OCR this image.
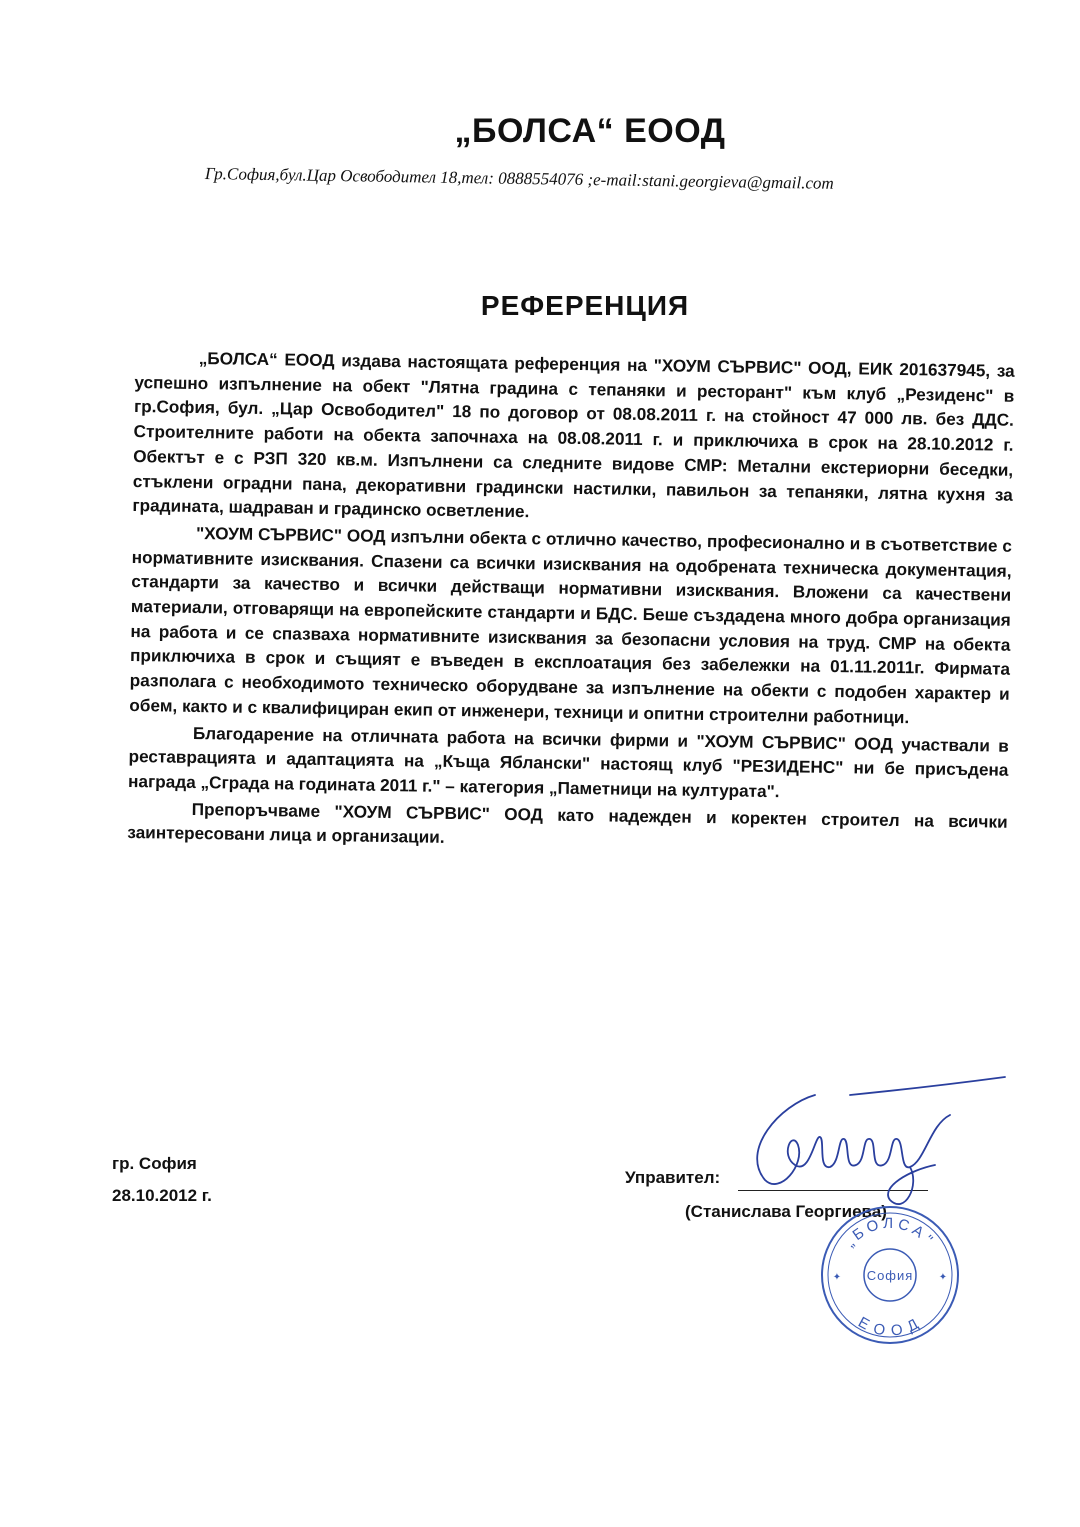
„БОЛСА“ ЕООД
Гр.София,бул.Цар Освободител 18,тел: 0888554076 ;e-mail:stani.georgieva@gmail.com
РЕФЕРЕНЦИЯ

„БОЛСА“ ЕООД издава настоящата референция на "ХОУМ СЪРВИС" ООД, ЕИК 201637945, за успешно изпълнение на обект "Лятна градина с тепаняки и ресторант" към клуб „Резиденс" в гр.София, бул. „Цар Освободител" 18 по договор от 08.08.2011 г. на стойност 47 000 лв. без ДДС. Строителните работи на обекта започнаха на 08.08.2011 г. и приключиха в срок на 28.10.2012 г. Обектът е с РЗП 320 кв.м. Изпълнени са следните видове СМР: Метални екстериорни беседки, стъклени оградни пана, декоративни градински настилки, павильон за тепаняки, лятна кухня за градината, шадраван и градинско осветление.

"ХОУМ СЪРВИС" ООД изпълни обекта с отлично качество, професионално и в съответствие с нормативните изисквания. Спазени са всички изисквания на одобрената техническа документация, стандарти за качество и всички действащи нормативни изисквания. Вложени са качествени материали, отговарящи на европейските стандарти и БДС. Беше създадена много добра организация на работа и се спазваха нормативните изисквания за безопасни условия на труд. СМР на обекта приключиха в срок и същият е въведен в експлоатация без забележки на 01.11.2011г. Фирмата разполага с необходимото техническо оборудване за изпълнение на обекти с подобен характер и обем, както и с квалифициран екип от инженери, техници и опитни строителни работници.

Благодарение на отличната работа на всички фирми и "ХОУМ СЪРВИС" ООД участвали в реставрацията и адаптацията на „Къща Яблански" настоящ клуб "РЕЗИДЕНС" ни бе присъдена награда „Сграда на годината 2011 г." – категория „Паметници на културата".

Препоръчваме "ХОУМ СЪРВИС" ООД като надежден и коректен строител на всички заинтересовани лица и организации.

гр. София
28.10.2012 г.
Управител:
(Станислава Георгиева)
„БОЛСА"
ЕООД
София
✦	✦
